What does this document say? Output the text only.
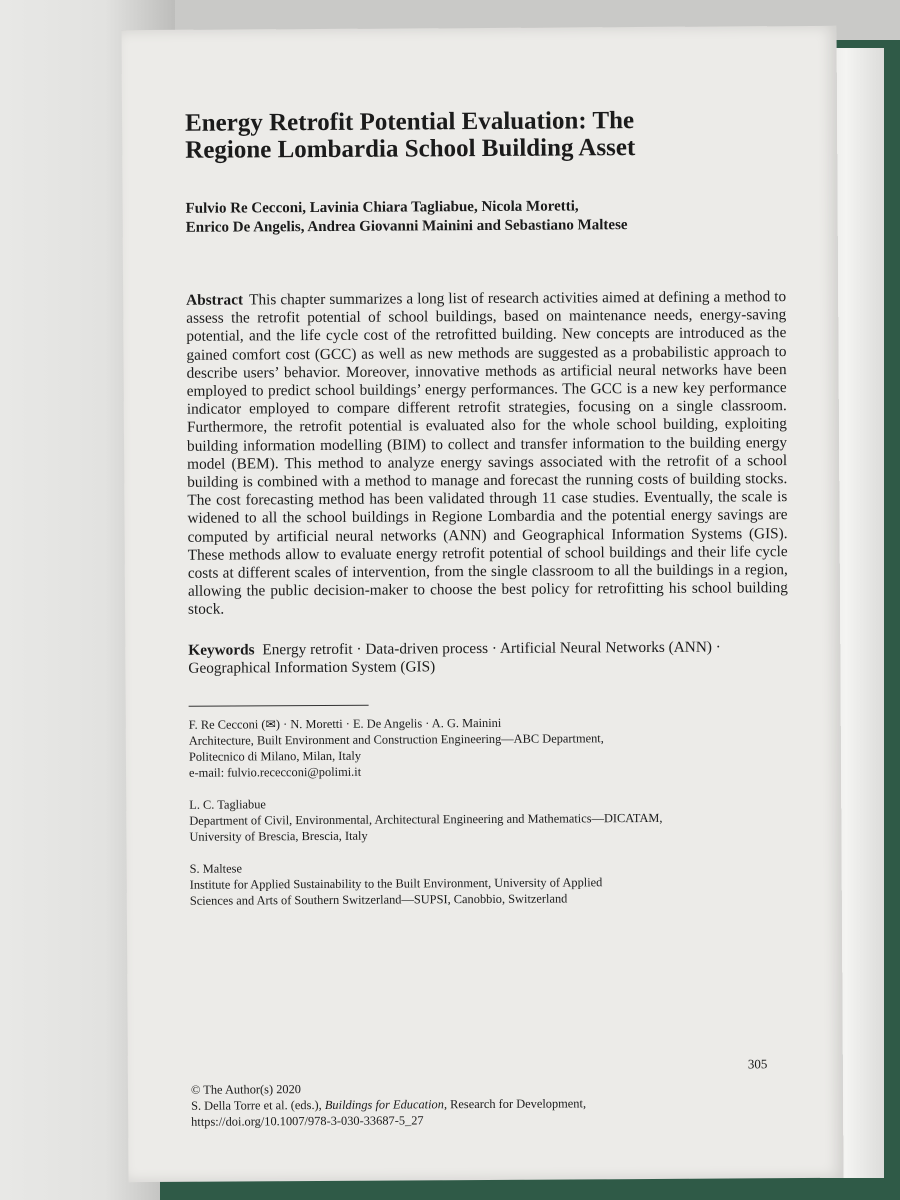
Energy Retrofit Potential Evaluation: The Regione Lombardia School Building Asset
Fulvio Re Cecconi, Lavinia Chiara Tagliabue, Nicola Moretti,
Enrico De Angelis, Andrea Giovanni Mainini and Sebastiano Maltese
Abstract This chapter summarizes a long list of research activities aimed at defining a method to assess the retrofit potential of school buildings, based on maintenance needs, energy-saving potential, and the life cycle cost of the retrofitted building. New concepts are introduced as the gained comfort cost (GCC) as well as new methods are suggested as a probabilistic approach to describe users’ behavior. Moreover, innovative methods as artificial neural networks have been employed to predict school buildings’ energy performances. The GCC is a new key performance indicator employed to compare different retrofit strategies, focusing on a single classroom. Furthermore, the retrofit potential is evaluated also for the whole school building, exploiting building information modelling (BIM) to collect and transfer information to the building energy model (BEM). This method to analyze energy savings associated with the retrofit of a school building is combined with a method to manage and forecast the running costs of building stocks. The cost forecasting method has been validated through 11 case studies. Eventually, the scale is widened to all the school buildings in Regione Lombardia and the potential energy savings are computed by artificial neural networks (ANN) and Geographical Information Systems (GIS). These methods allow to evaluate energy retrofit potential of school buildings and their life cycle costs at different scales of intervention, from the single classroom to all the buildings in a region, allowing the public decision-maker to choose the best policy for retrofitting his school building stock.
Keywords Energy retrofit · Data-driven process · Artificial Neural Networks (ANN) · Geographical Information System (GIS)
F. Re Cecconi (✉) · N. Moretti · E. De Angelis · A. G. Mainini
Architecture, Built Environment and Construction Engineering—ABC Department,
Politecnico di Milano, Milan, Italy
e-mail: fulvio.rececconi@polimi.it
L. C. Tagliabue
Department of Civil, Environmental, Architectural Engineering and Mathematics—DICATAM,
University of Brescia, Brescia, Italy
S. Maltese
Institute for Applied Sustainability to the Built Environment, University of Applied
Sciences and Arts of Southern Switzerland—SUPSI, Canobbio, Switzerland
305
© The Author(s) 2020
S. Della Torre et al. (eds.), Buildings for Education, Research for Development,
https://doi.org/10.1007/978-3-030-33687-5_27
